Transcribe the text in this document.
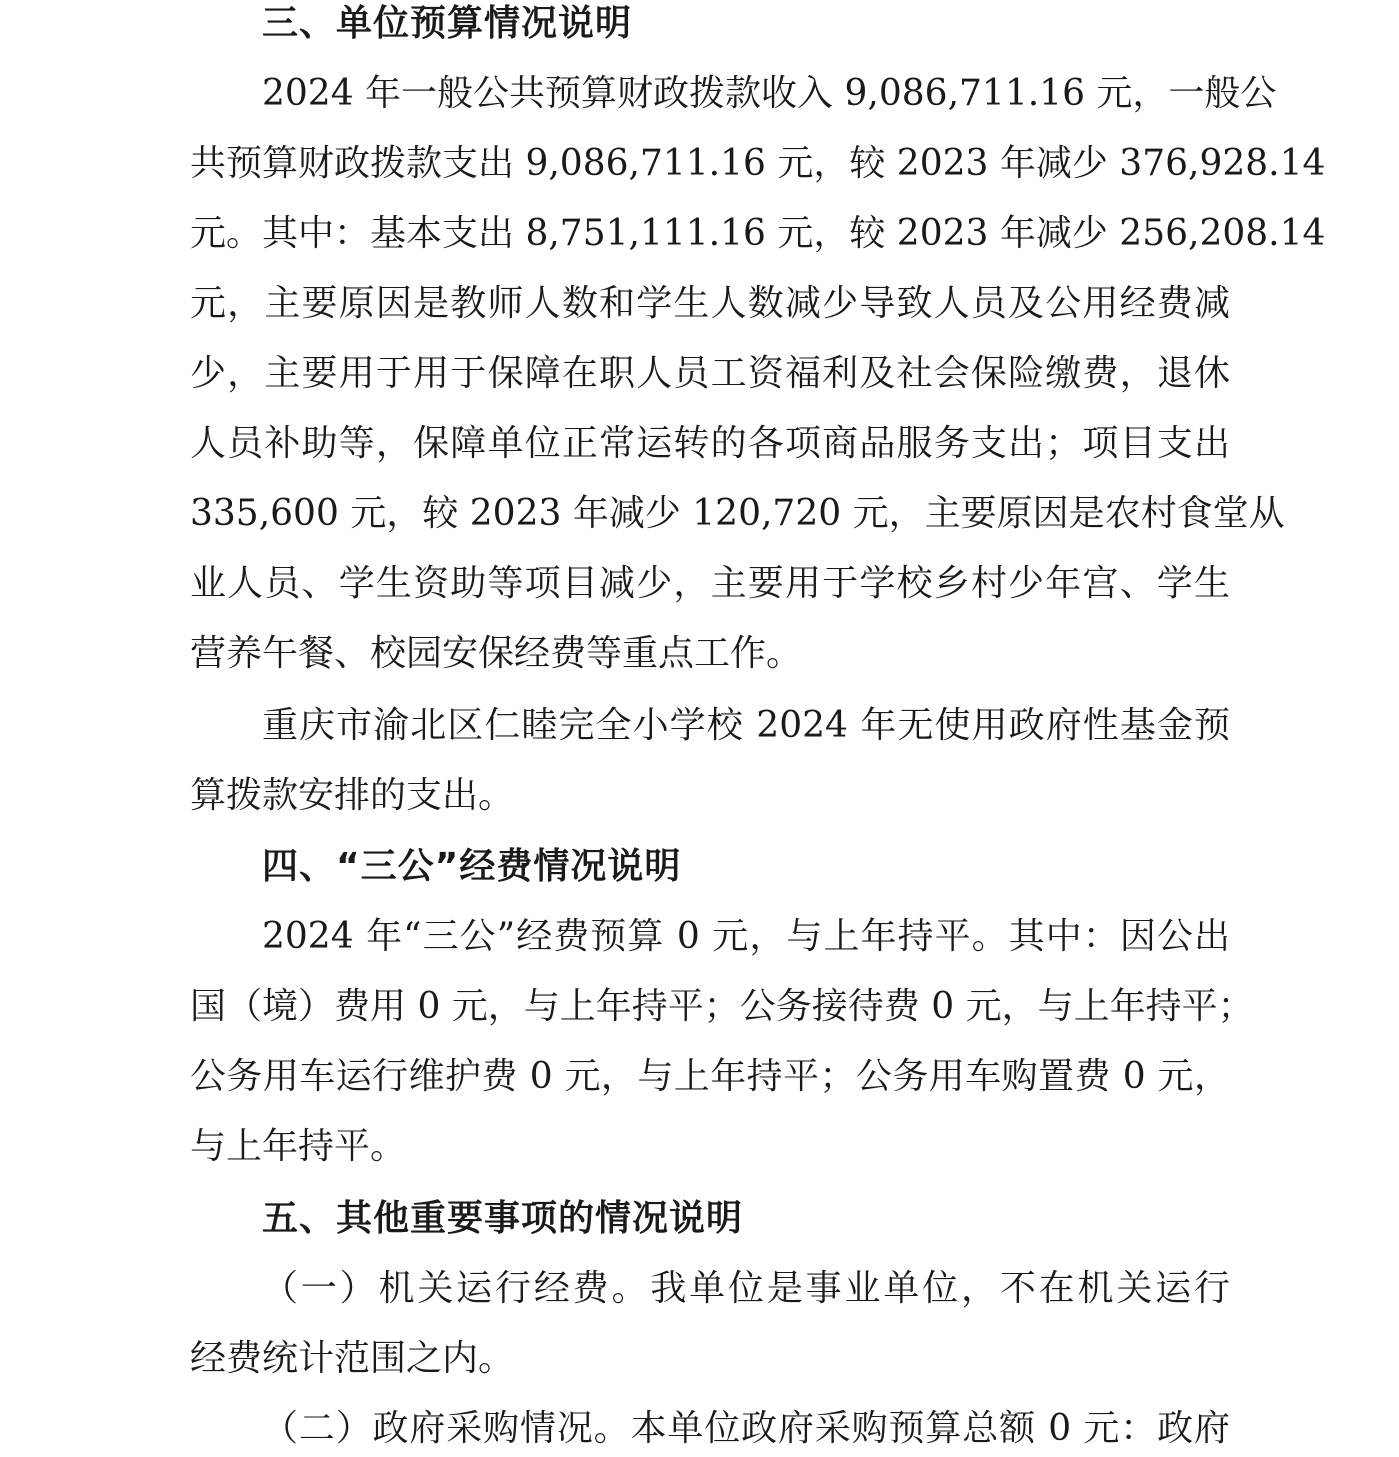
三、单位预算情况说明
2024 年一般公共预算财政拨款收入 9,086,711.16 元，一般公
共预算财政拨款支出 9,086,711.16 元，较 2023 年减少 376,928.14
元。其中：基本支出 8,751,111.16 元，较 2023 年减少 256,208.14
元，主要原因是教师人数和学生人数减少导致人员及公用经费减
少，主要用于用于保障在职人员工资福利及社会保险缴费，退休
人员补助等，保障单位正常运转的各项商品服务支出；项目支出
335,600 元，较 2023 年减少 120,720 元，主要原因是农村食堂从
业人员、学生资助等项目减少，主要用于学校乡村少年宫、学生
营养午餐、校园安保经费等重点工作。
重庆市渝北区仁睦完全小学校 2024 年无使用政府性基金预
算拨款安排的支出。
四、“三公”经费情况说明
2024 年“三公”经费预算 0 元，与上年持平。其中：因公出
国（境）费用 0 元，与上年持平；公务接待费 0 元，与上年持平；
公务用车运行维护费 0 元，与上年持平；公务用车购置费 0 元，
与上年持平。
五、其他重要事项的情况说明
（一）机关运行经费。我单位是事业单位，不在机关运行
经费统计范围之内。
（二）政府采购情况。本单位政府采购预算总额 0 元：政府
